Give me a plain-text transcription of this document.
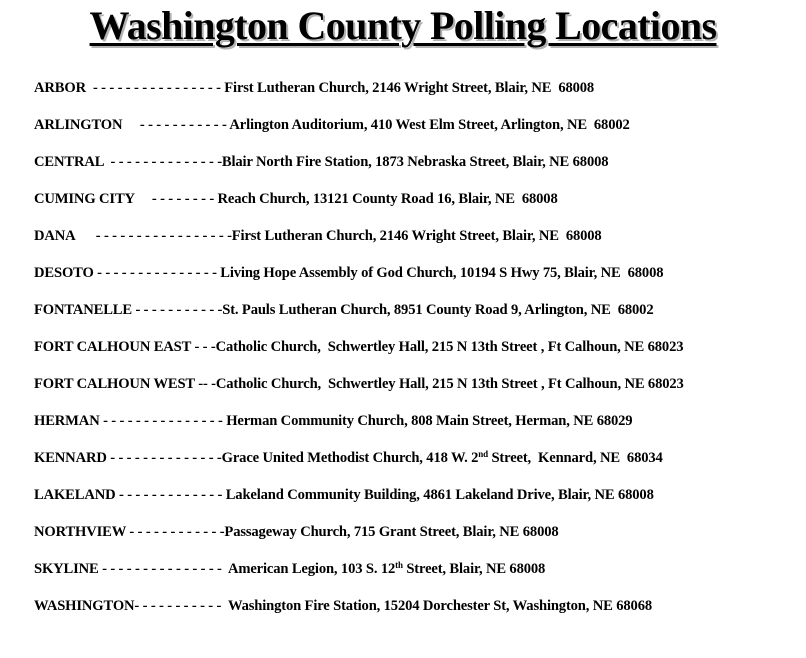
Washington County Polling Locations
ARBOR  - - - - - - - - - - - - - - - - First Lutheran Church, 2146 Wright Street, Blair, NE  68008
ARLINGTON     - - - - - - - - - - - Arlington Auditorium, 410 West Elm Street, Arlington, NE  68002
CENTRAL  - - - - - - - - - - - - - -Blair North Fire Station, 1873 Nebraska Street, Blair, NE 68008
CUMING CITY     - - - - - - - - Reach Church, 13121 County Road 16, Blair, NE  68008
DANA      - - - - - - - - - - - - - - - - -First Lutheran Church, 2146 Wright Street, Blair, NE  68008
DESOTO - - - - - - - - - - - - - - - Living Hope Assembly of God Church, 10194 S Hwy 75, Blair, NE  68008
FONTANELLE - - - - - - - - - - -St. Pauls Lutheran Church, 8951 County Road 9, Arlington, NE  68002
FORT CALHOUN EAST - - -Catholic Church,  Schwertley Hall, 215 N 13th Street , Ft Calhoun, NE 68023
FORT CALHOUN WEST -- -Catholic Church,  Schwertley Hall, 215 N 13th Street , Ft Calhoun, NE 68023
HERMAN - - - - - - - - - - - - - - - Herman Community Church, 808 Main Street, Herman, NE 68029
KENNARD - - - - - - - - - - - - - -Grace United Methodist Church, 418 W. 2nd Street,  Kennard, NE  68034
LAKELAND - - - - - - - - - - - - - Lakeland Community Building, 4861 Lakeland Drive, Blair, NE 68008
NORTHVIEW - - - - - - - - - - - -Passageway Church, 715 Grant Street, Blair, NE 68008
SKYLINE - - - - - - - - - - - - - - -  American Legion, 103 S. 12th Street, Blair, NE 68008
WASHINGTON- - - - - - - - - - -  Washington Fire Station, 15204 Dorchester St, Washington, NE 68068
